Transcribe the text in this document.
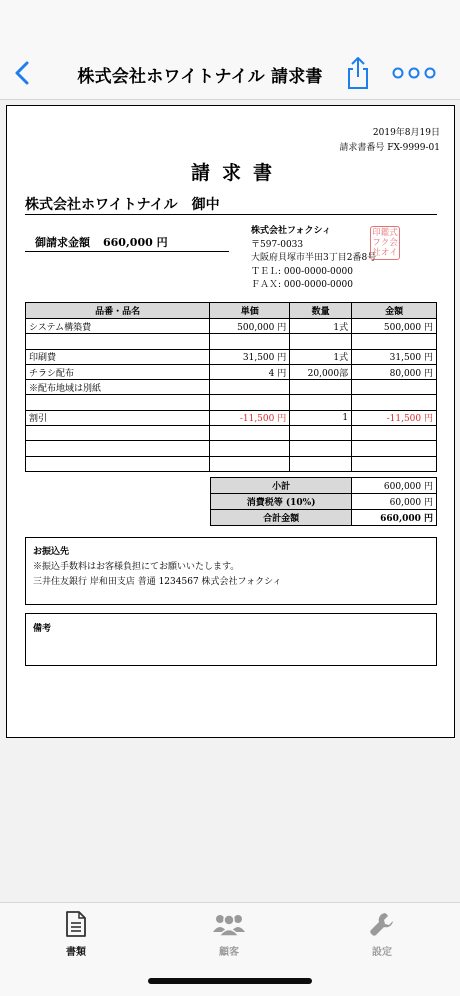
株式会社ホワイトナイル 請求書
2019年8月19日
請求書番号 FX-9999-01
請求書
株式会社ホワイトナイル　御中
御請求金額 660,000 円
株式会社フォクシィ
〒597-0033
大阪府貝塚市半田3丁目2番8号
ＴＥＬ: 000-0000-0000
ＦＡＸ: 000-0000-0000
印 鑑 式
フ ク 会
社 オ イ
品番・品名	単価	数量	金額
システム構築費	500,000 円	1式	500,000 円

印刷費	31,500 円	1式	31,500 円
チラシ配布	4 円	20,000部	80,000 円
※配布地域は別紙			

割引	-11,500 円	1	-11,500 円

小計	600,000 円
消費税等 (10%)	60,000 円
合計金額	660,000 円
お振込先
※振込手数料はお客様負担にてお願いいたします。
三井住友銀行 岸和田支店 普通 1234567 株式会社フォクシィ
備考
書類	顧客	設定
